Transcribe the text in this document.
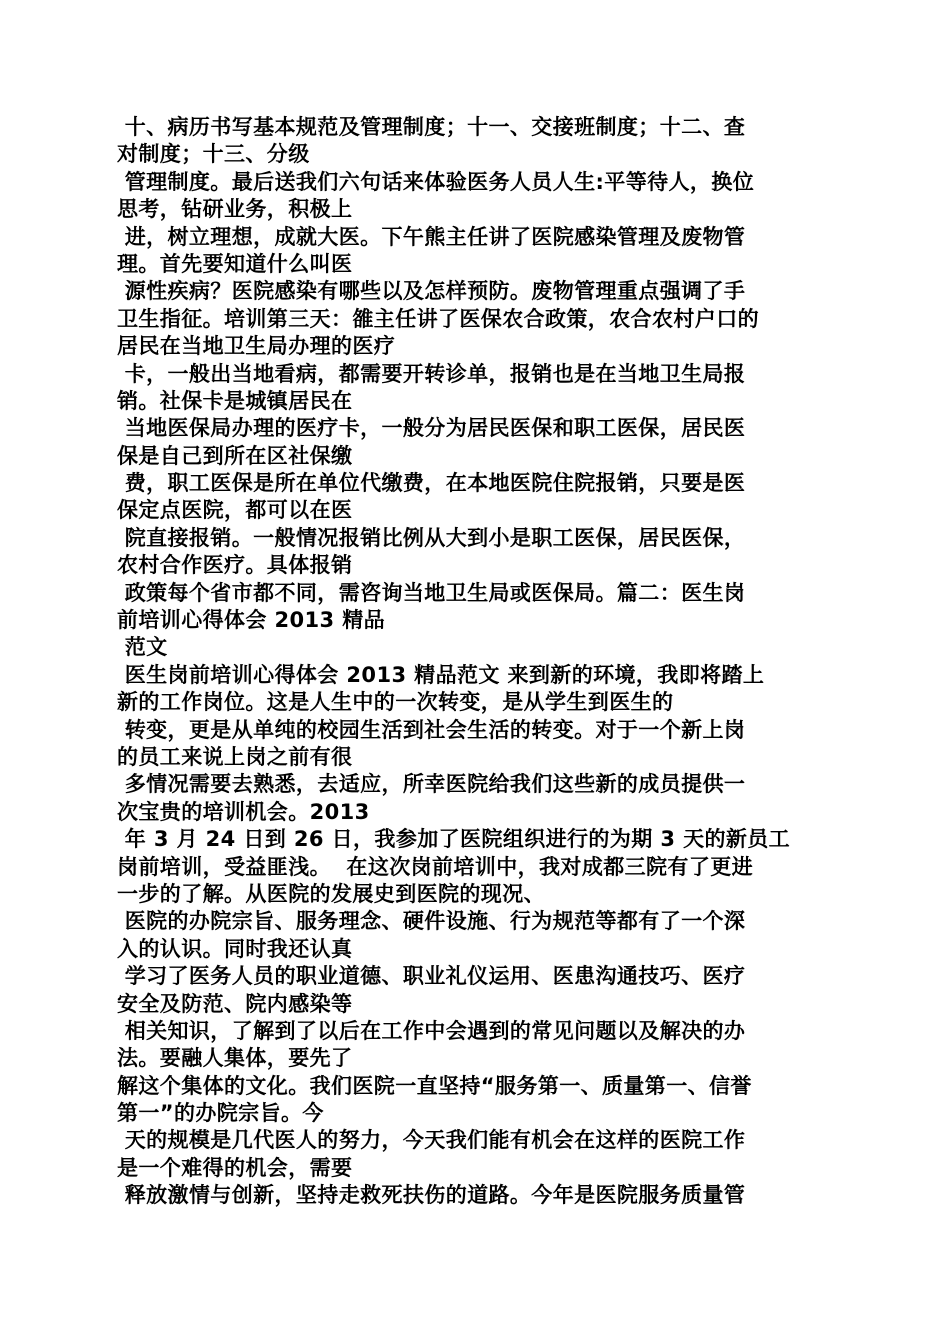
十、病历书写基本规范及管理制度；十一、交接班制度；十二、查
对制度；十三、分级
管理制度。最后送我们六句话来体验医务人员人生:平等待人，换位
思考，钻研业务，积极上
进，树立理想，成就大医。下午熊主任讲了医院感染管理及废物管
理。首先要知道什么叫医
源性疾病？医院感染有哪些以及怎样预防。废物管理重点强调了手
卫生指征。培训第三天：雒主任讲了医保农合政策，农合农村户口的
居民在当地卫生局办理的医疗
卡，一般出当地看病，都需要开转诊单，报销也是在当地卫生局报
销。社保卡是城镇居民在
当地医保局办理的医疗卡，一般分为居民医保和职工医保，居民医
保是自己到所在区社保缴
费，职工医保是所在单位代缴费，在本地医院住院报销，只要是医
保定点医院，都可以在医
院直接报销。一般情况报销比例从大到小是职工医保，居民医保，
农村合作医疗。具体报销
政策每个省市都不同，需咨询当地卫生局或医保局。篇二：医生岗
前培训心得体会 2013 精品
范文
医生岗前培训心得体会 2013 精品范文 来到新的环境，我即将踏上
新的工作岗位。这是人生中的一次转变，是从学生到医生的
转变，更是从单纯的校园生活到社会生活的转变。对于一个新上岗
的员工来说上岗之前有很
多情况需要去熟悉，去适应，所幸医院给我们这些新的成员提供一
次宝贵的培训机会。2013
年 3 月 24 日到 26 日，我参加了医院组织进行的为期 3 天的新员工
岗前培训，受益匪浅。  在这次岗前培训中，我对成都三院有了更进
一步的了解。从医院的发展史到医院的现况、
医院的办院宗旨、服务理念、硬件设施、行为规范等都有了一个深
入的认识。同时我还认真
学习了医务人员的职业道德、职业礼仪运用、医患沟通技巧、医疗
安全及防范、院内感染等
相关知识，了解到了以后在工作中会遇到的常见问题以及解决的办
法。要融人集体，要先了
解这个集体的文化。我们医院一直坚持“服务第一、质量第一、信誉
第一”的办院宗旨。今
天的规模是几代医人的努力，今天我们能有机会在这样的医院工作
是一个难得的机会，需要
释放激情与创新，坚持走救死扶伤的道路。今年是医院服务质量管
